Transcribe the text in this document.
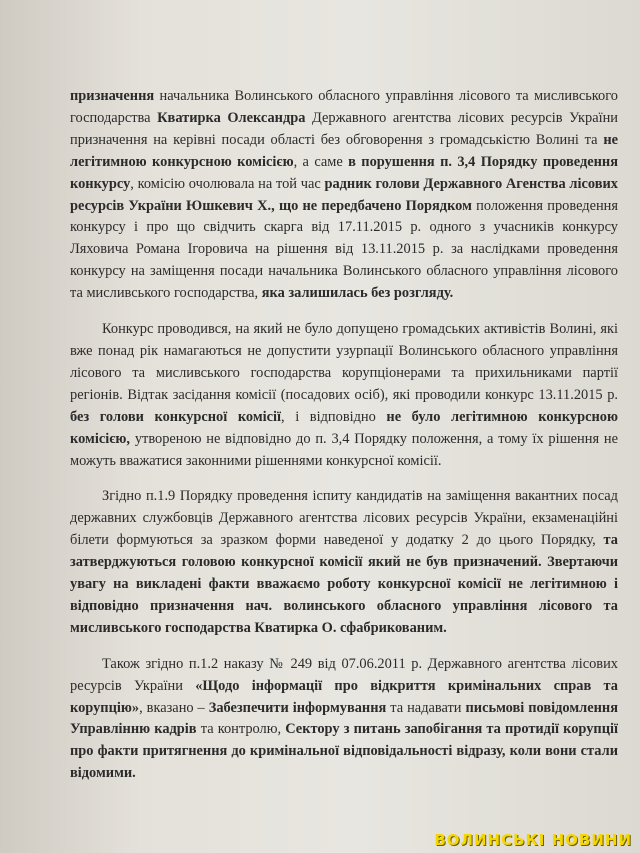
призначення начальника Волинського обласного управління лісового та мисливського господарства Кватирка Олександра Державного агентства лісових ресурсів України призначення на керівні посади області без обговорення з громадськістю Волині та не легітимною конкурсною комісією, а саме в порушення п. 3,4 Порядку проведення конкурсу, комісію очолювала на той час радник голови Державного Агенства лісових ресурсів України Юшкевич Х., що не передбачено Порядком положення проведення конкурсу і про що свідчить скарга від 17.11.2015 р. одного з учасників конкурсу Ляховича Романа Ігоровича на рішення від 13.11.2015 р. за наслідками проведення конкурсу на заміщення посади начальника Волинського обласного управління лісового та мисливського господарства, яка залишилась без розгляду.

Конкурс проводився, на який не було допущено громадських активістів Волині, які вже понад рік намагаються не допустити узурпації Волинського обласного управління лісового та мисливського господарства корупціонерами та прихильниками партії регіонів. Відтак засідання комісії (посадових осіб), які проводили конкурс 13.11.2015 р. без голови конкурсної комісії, і відповідно не було легітимною конкурсною комісією, утвореною не відповідно до п. 3,4 Порядку положення, а тому їх рішення не можуть вважатися законними рішеннями конкурсної комісії.

Згідно п.1.9 Порядку проведення іспиту кандидатів на заміщення вакантних посад державних службовців Державного агентства лісових ресурсів України, екзаменаційні білети формуються за зразком форми наведеної у додатку 2 до цього Порядку, та затверджуються головою конкурсної комісії який не був призначений. Звертаючи увагу на викладені факти вважаємо роботу конкурсної комісії не легітимною і відповідно призначення нач. волинського обласного управління лісового та мисливського господарства Кватирка О. сфабрикованим.

Також згідно п.1.2 наказу № 249 від 07.06.2011 р. Державного агентства лісових ресурсів України «Щодо інформації про відкриття кримінальних справ та корупцію», вказано – Забезпечити інформування та надавати письмові повідомлення Управлінню кадрів та контролю, Сектору з питань запобігання та протидії корупції про факти притягнення до кримінальної відповідальності відразу, коли вони стали відомими.

ВОЛИНСЬКІ НОВИНИ
